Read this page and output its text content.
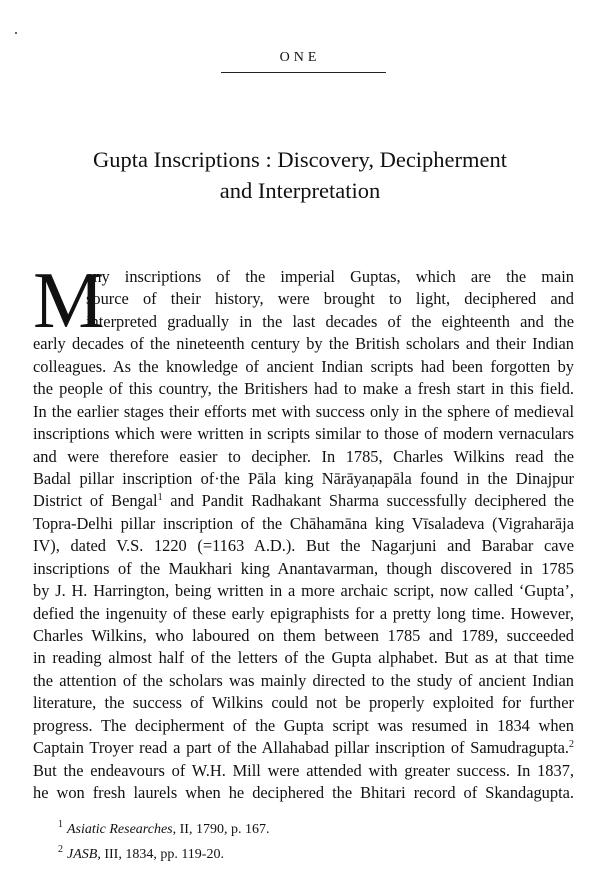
ONE
Gupta Inscriptions : Discovery, Decipherment
and Interpretation
M
any inscriptions of the imperial Guptas, which are the main
source of their history, were brought to light, deciphered and
interpreted gradually in the last decades of the eighteenth and the
early decades of the nineteenth century by the British scholars and their Indian
colleagues. As the knowledge of ancient Indian scripts had been forgotten by
the people of this country, the Britishers had to make a fresh start in this field.
In the earlier stages their efforts met with success only in the sphere of medieval
inscriptions which were written in scripts similar to those of modern vernaculars
and were therefore easier to decipher. In 1785, Charles Wilkins read the
Badal pillar inscription of·the Pāla king Nārāyaṇapāla found in the Dinajpur
District of Bengal$^1$ and Pandit Radhakant Sharma successfully deciphered the
Topra-Delhi pillar inscription of the Chāhamāna king Vīsaladeva (Vigraharāja
IV), dated V.S. 1220 (=1163 A.D.). But the Nagarjuni and Barabar cave
inscriptions of the Maukhari king Anantavarman, though discovered in 1785
by J. H. Harrington, being written in a more archaic script, now called ‘Gupta’,
defied the ingenuity of these early epigraphists for a pretty long time. However,
Charles Wilkins, who laboured on them between 1785 and 1789, succeeded
in reading almost half of the letters of the Gupta alphabet. But as at that time
the attention of the scholars was mainly directed to the study of ancient Indian
literature, the success of Wilkins could not be properly exploited for further
progress. The decipherment of the Gupta script was resumed in 1834 when
Captain Troyer read a part of the Allahabad pillar inscription of Samudragupta.$^2$
But the endeavours of W.H. Mill were attended with greater success. In 1837,
he won fresh laurels when he deciphered the Bhitari record of Skandagupta.
$^1$ Asiatic Researches, II, 1790, p. 167.
$^2$ JASB, III, 1834, pp. 119-20.
